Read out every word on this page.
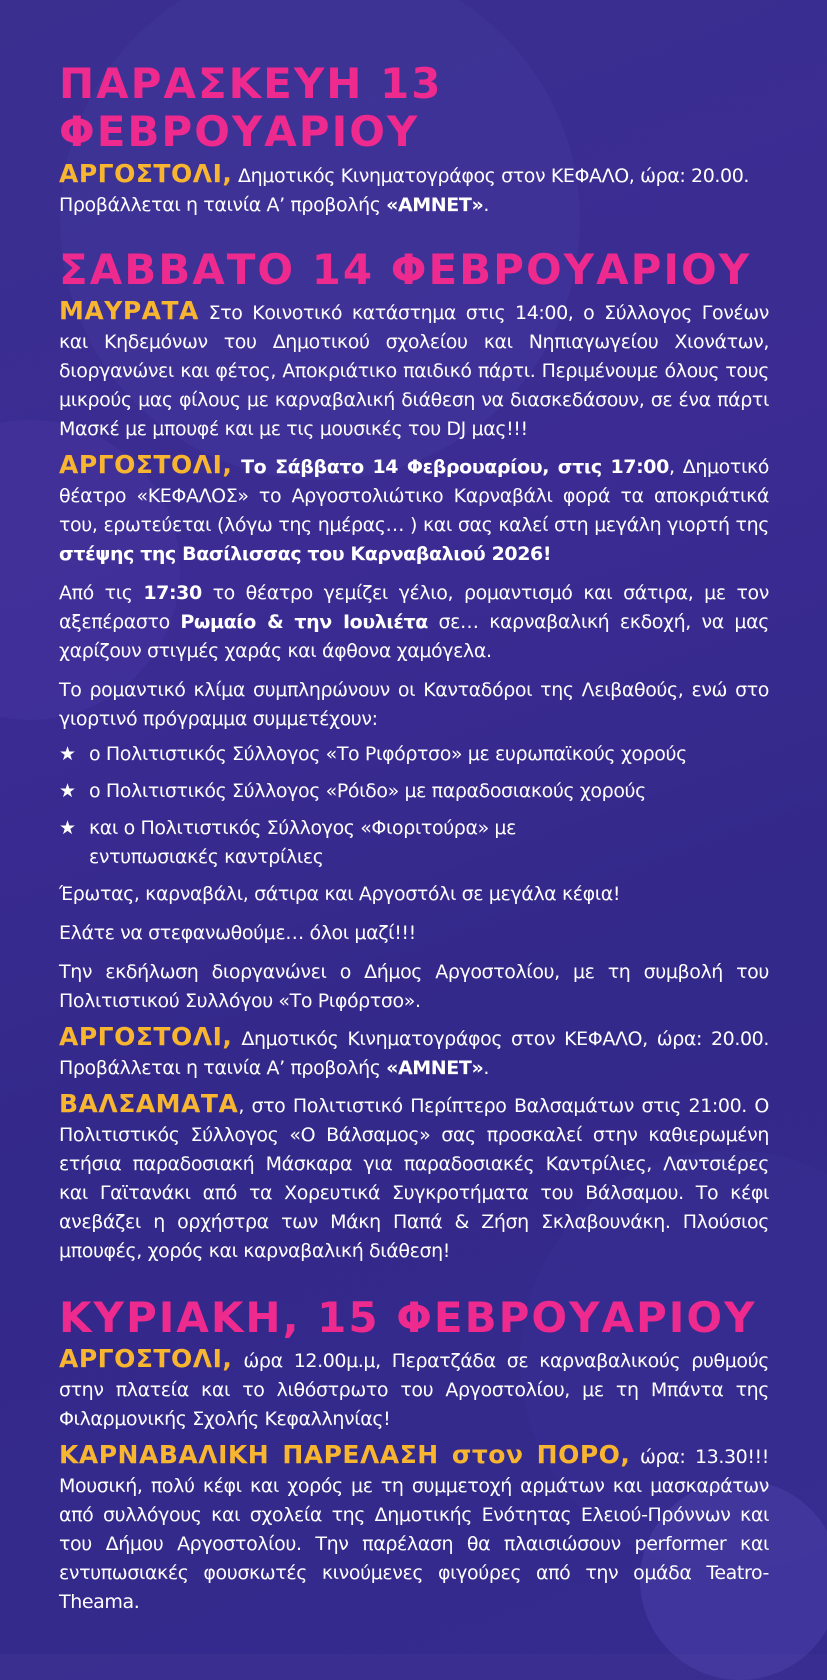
ΠΑΡΑΣΚΕΥΗ 13 ΦΕΒΡΟΥΑΡΙΟΥ

ΑΡΓΟΣΤΟΛΙ, Δημοτικός Κινηματογράφος στον ΚΕΦΑΛΟ, ώρα: 20.00. Προβάλλεται η ταινία Α’ προβολής «ΑΜΝΕΤ».

ΣΑΒΒΑΤΟ 14 ΦΕΒΡΟΥΑΡΙΟΥ

ΜΑΥΡΑΤΑ Στο Κοινοτικό κατάστημα στις 14:00, ο Σύλλογος Γονέων και Κηδεμόνων του Δημοτικού σχολείου και Νηπιαγωγείου Χιονάτων, διοργανώνει και φέτος, Αποκριάτικο παιδικό πάρτι. Περιμένουμε όλους τους μικρούς μας φίλους με καρναβαλική διάθεση να διασκεδάσουν, σε ένα πάρτι Μασκέ με μπουφέ και με τις μουσικές του DJ μας!!!

ΑΡΓΟΣΤΟΛΙ, Το Σάββατο 14 Φεβρουαρίου, στις 17:00, Δημοτικό θέατρο «ΚΕΦΑΛΟΣ» το Αργοστολιώτικο Καρναβάλι φορά τα αποκριάτικά του, ερωτεύεται (λόγω της ημέρας… ) και σας καλεί στη μεγάλη γιορτή της στέψης της Βασίλισσας του Καρναβαλιού 2026!

Από τις 17:30 το θέατρο γεμίζει γέλιο, ρομαντισμό και σάτιρα, με τον αξεπέραστο Ρωμαίο & την Ιουλιέτα σε… καρναβαλική εκδοχή, να μας χαρίζουν στιγμές χαράς και άφθονα χαμόγελα.

Το ρομαντικό κλίμα συμπληρώνουν οι Κανταδόροι της Λειβαθούς, ενώ στο γιορτινό πρόγραμμα συμμετέχουν:

★ ο Πολιτιστικός Σύλλογος «Το Ριφόρτσο» με ευρωπαϊκούς χορούς
★ ο Πολιτιστικός Σύλλογος «Ρόιδο» με παραδοσιακούς χορούς
★ και ο Πολιτιστικός Σύλλογος «Φιοριτούρα» με εντυπωσιακές καντρίλιες

Έρωτας, καρναβάλι, σάτιρα και Αργοστόλι σε μεγάλα κέφια!

Ελάτε να στεφανωθούμε… όλοι μαζί!!!

Την εκδήλωση διοργανώνει ο Δήμος Αργοστολίου, με τη συμβολή του Πολιτιστικού Συλλόγου «Το Ριφόρτσο».

ΑΡΓΟΣΤΟΛΙ, Δημοτικός Κινηματογράφος στον ΚΕΦΑΛΟ, ώρα: 20.00. Προβάλλεται η ταινία Α’ προβολής «ΑΜΝΕΤ».

ΒΑΛΣΑΜΑΤΑ, στο Πολιτιστικό Περίπτερο Βαλσαμάτων στις 21:00. Ο Πολιτιστικός Σύλλογος «Ο Βάλσαμος» σας προσκαλεί στην καθιερωμένη ετήσια παραδοσιακή Μάσκαρα για παραδοσιακές Καντρίλιες, Λαντσιέρες και Γαϊτανάκι από τα Χορευτικά Συγκροτήματα του Βάλσαμου. Το κέφι ανεβάζει η ορχήστρα των Μάκη Παπά & Ζήση Σκλαβουνάκη. Πλούσιος μπουφές, χορός και καρναβαλική διάθεση!

ΚΥΡΙΑΚΗ, 15 ΦΕΒΡΟΥΑΡΙΟΥ

ΑΡΓΟΣΤΟΛΙ, ώρα 12.00μ.μ, Περατζάδα σε καρναβαλικούς ρυθμούς στην πλατεία και το λιθόστρωτο του Αργοστολίου, με τη Μπάντα της Φιλαρμονικής Σχολής Κεφαλληνίας!

ΚΑΡΝΑΒΑΛΙΚΗ ΠΑΡΕΛΑΣΗ στον ΠΟΡΟ, ώρα: 13.30!!! Μουσική, πολύ κέφι και χορός με τη συμμετοχή αρμάτων και μασκαράτων από συλλόγους και σχολεία της Δημοτικής Ενότητας Ελειού-Πρόννων και του Δήμου Αργοστολίου. Την παρέλαση θα πλαισιώσουν performer και εντυπωσιακές φουσκωτές κινούμενες φιγούρες από την ομάδα Teatro-Theama.
